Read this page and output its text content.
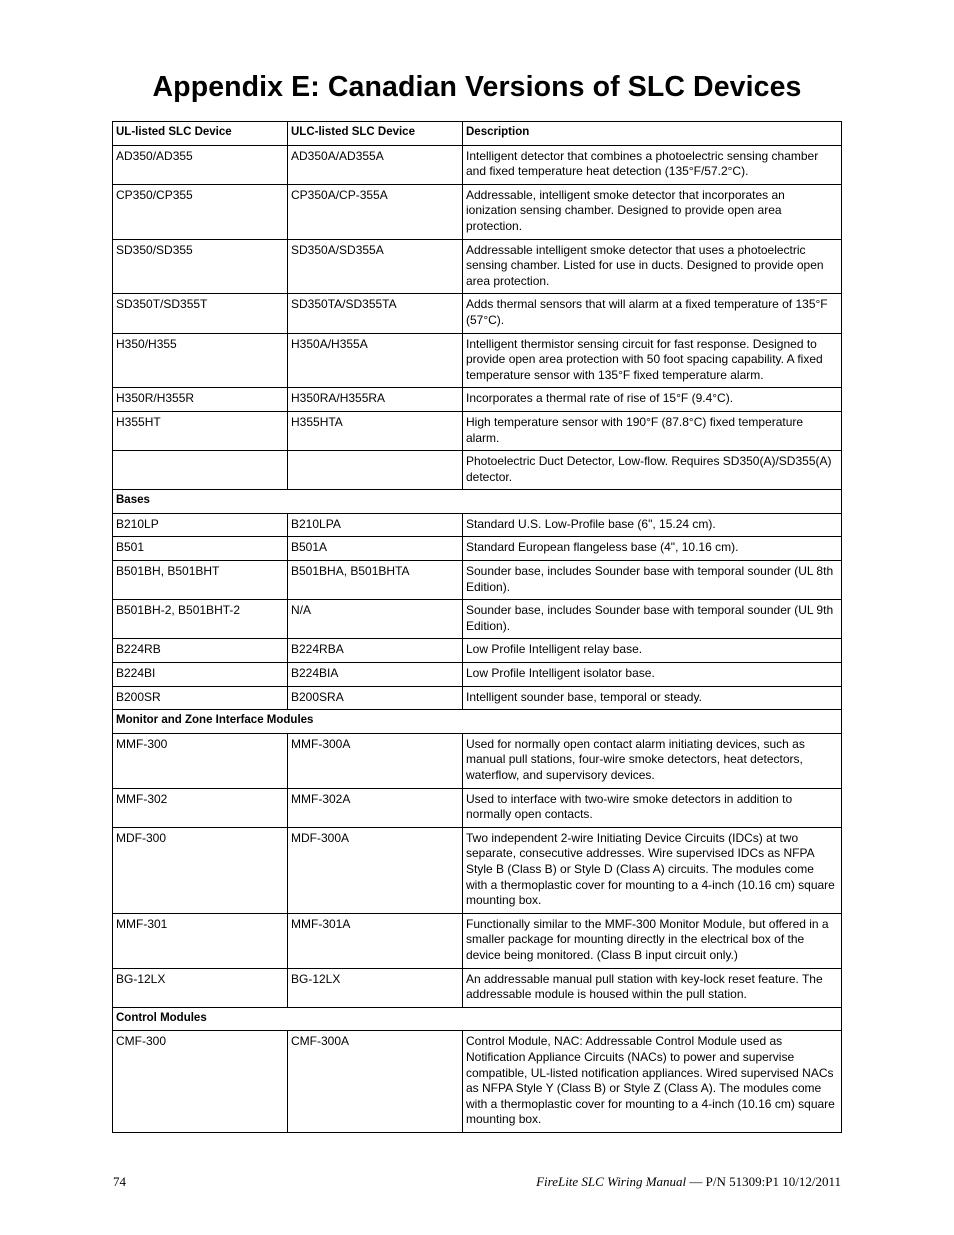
Appendix E: Canadian Versions of SLC Devices
UL-listed SLC Device	ULC-listed SLC Device	Description
AD350/AD355	AD350A/AD355A	Intelligent detector that combines a photoelectric sensing chamber and fixed temperature heat detection (135°F/57.2°C).
CP350/CP355	CP350A/CP-355A	Addressable, intelligent smoke detector that incorporates an ionization sensing chamber. Designed to provide open area protection.
SD350/SD355	SD350A/SD355A	Addressable intelligent smoke detector that uses a photoelectric sensing chamber. Listed for use in ducts. Designed to provide open area protection.
SD350T/SD355T	SD350TA/SD355TA	Adds thermal sensors that will alarm at a fixed temperature of 135°F (57°C).
H350/H355	H350A/H355A	Intelligent thermistor sensing circuit for fast response. Designed to provide open area protection with 50 foot spacing capability. A fixed temperature sensor with 135°F fixed temperature alarm.
H350R/H355R	H350RA/H355RA	Incorporates a thermal rate of rise of 15°F (9.4°C).
H355HT	H355HTA	High temperature sensor with 190°F (87.8°C) fixed temperature alarm.
		Photoelectric Duct Detector, Low-flow. Requires SD350(A)/SD355(A) detector.
Bases		
B210LP	B210LPA	Standard U.S. Low-Profile base (6", 15.24 cm).
B501	B501A	Standard European flangeless base (4", 10.16 cm).
B501BH, B501BHT	B501BHA, B501BHTA	Sounder base, includes Sounder base with temporal sounder (UL 8th Edition).
B501BH-2, B501BHT-2	N/A	Sounder base, includes Sounder base with temporal sounder (UL 9th Edition).
B224RB	B224RBA	Low Profile Intelligent relay base.
B224BI	B224BIA	Low Profile Intelligent isolator base.
B200SR	B200SRA	Intelligent sounder base, temporal or steady.
Monitor and Zone Interface Modules		
MMF-300	MMF-300A	Used for normally open contact alarm initiating devices, such as manual pull stations, four-wire smoke detectors, heat detectors, waterflow, and supervisory devices.
MMF-302	MMF-302A	Used to interface with two-wire smoke detectors in addition to normally open contacts.
MDF-300	MDF-300A	Two independent 2-wire Initiating Device Circuits (IDCs) at two separate, consecutive addresses. Wire supervised IDCs as NFPA Style B (Class B) or Style D (Class A) circuits. The modules come with a thermoplastic cover for mounting to a 4-inch (10.16 cm) square mounting box.
MMF-301	MMF-301A	Functionally similar to the MMF-300 Monitor Module, but offered in a smaller package for mounting directly in the electrical box of the device being monitored. (Class B input circuit only.)
BG-12LX	BG-12LX	An addressable manual pull station with key-lock reset feature. The addressable module is housed within the pull station.
Control Modules		
CMF-300	CMF-300A	Control Module, NAC: Addressable Control Module used as Notification Appliance Circuits (NACs) to power and supervise compatible, UL-listed notification appliances. Wired supervised NACs as NFPA Style Y (Class B) or Style Z (Class A). The modules come with a thermoplastic cover for mounting to a 4-inch (10.16 cm) square mounting box.
74	FireLite SLC Wiring Manual — P/N 51309:P1 10/12/2011
